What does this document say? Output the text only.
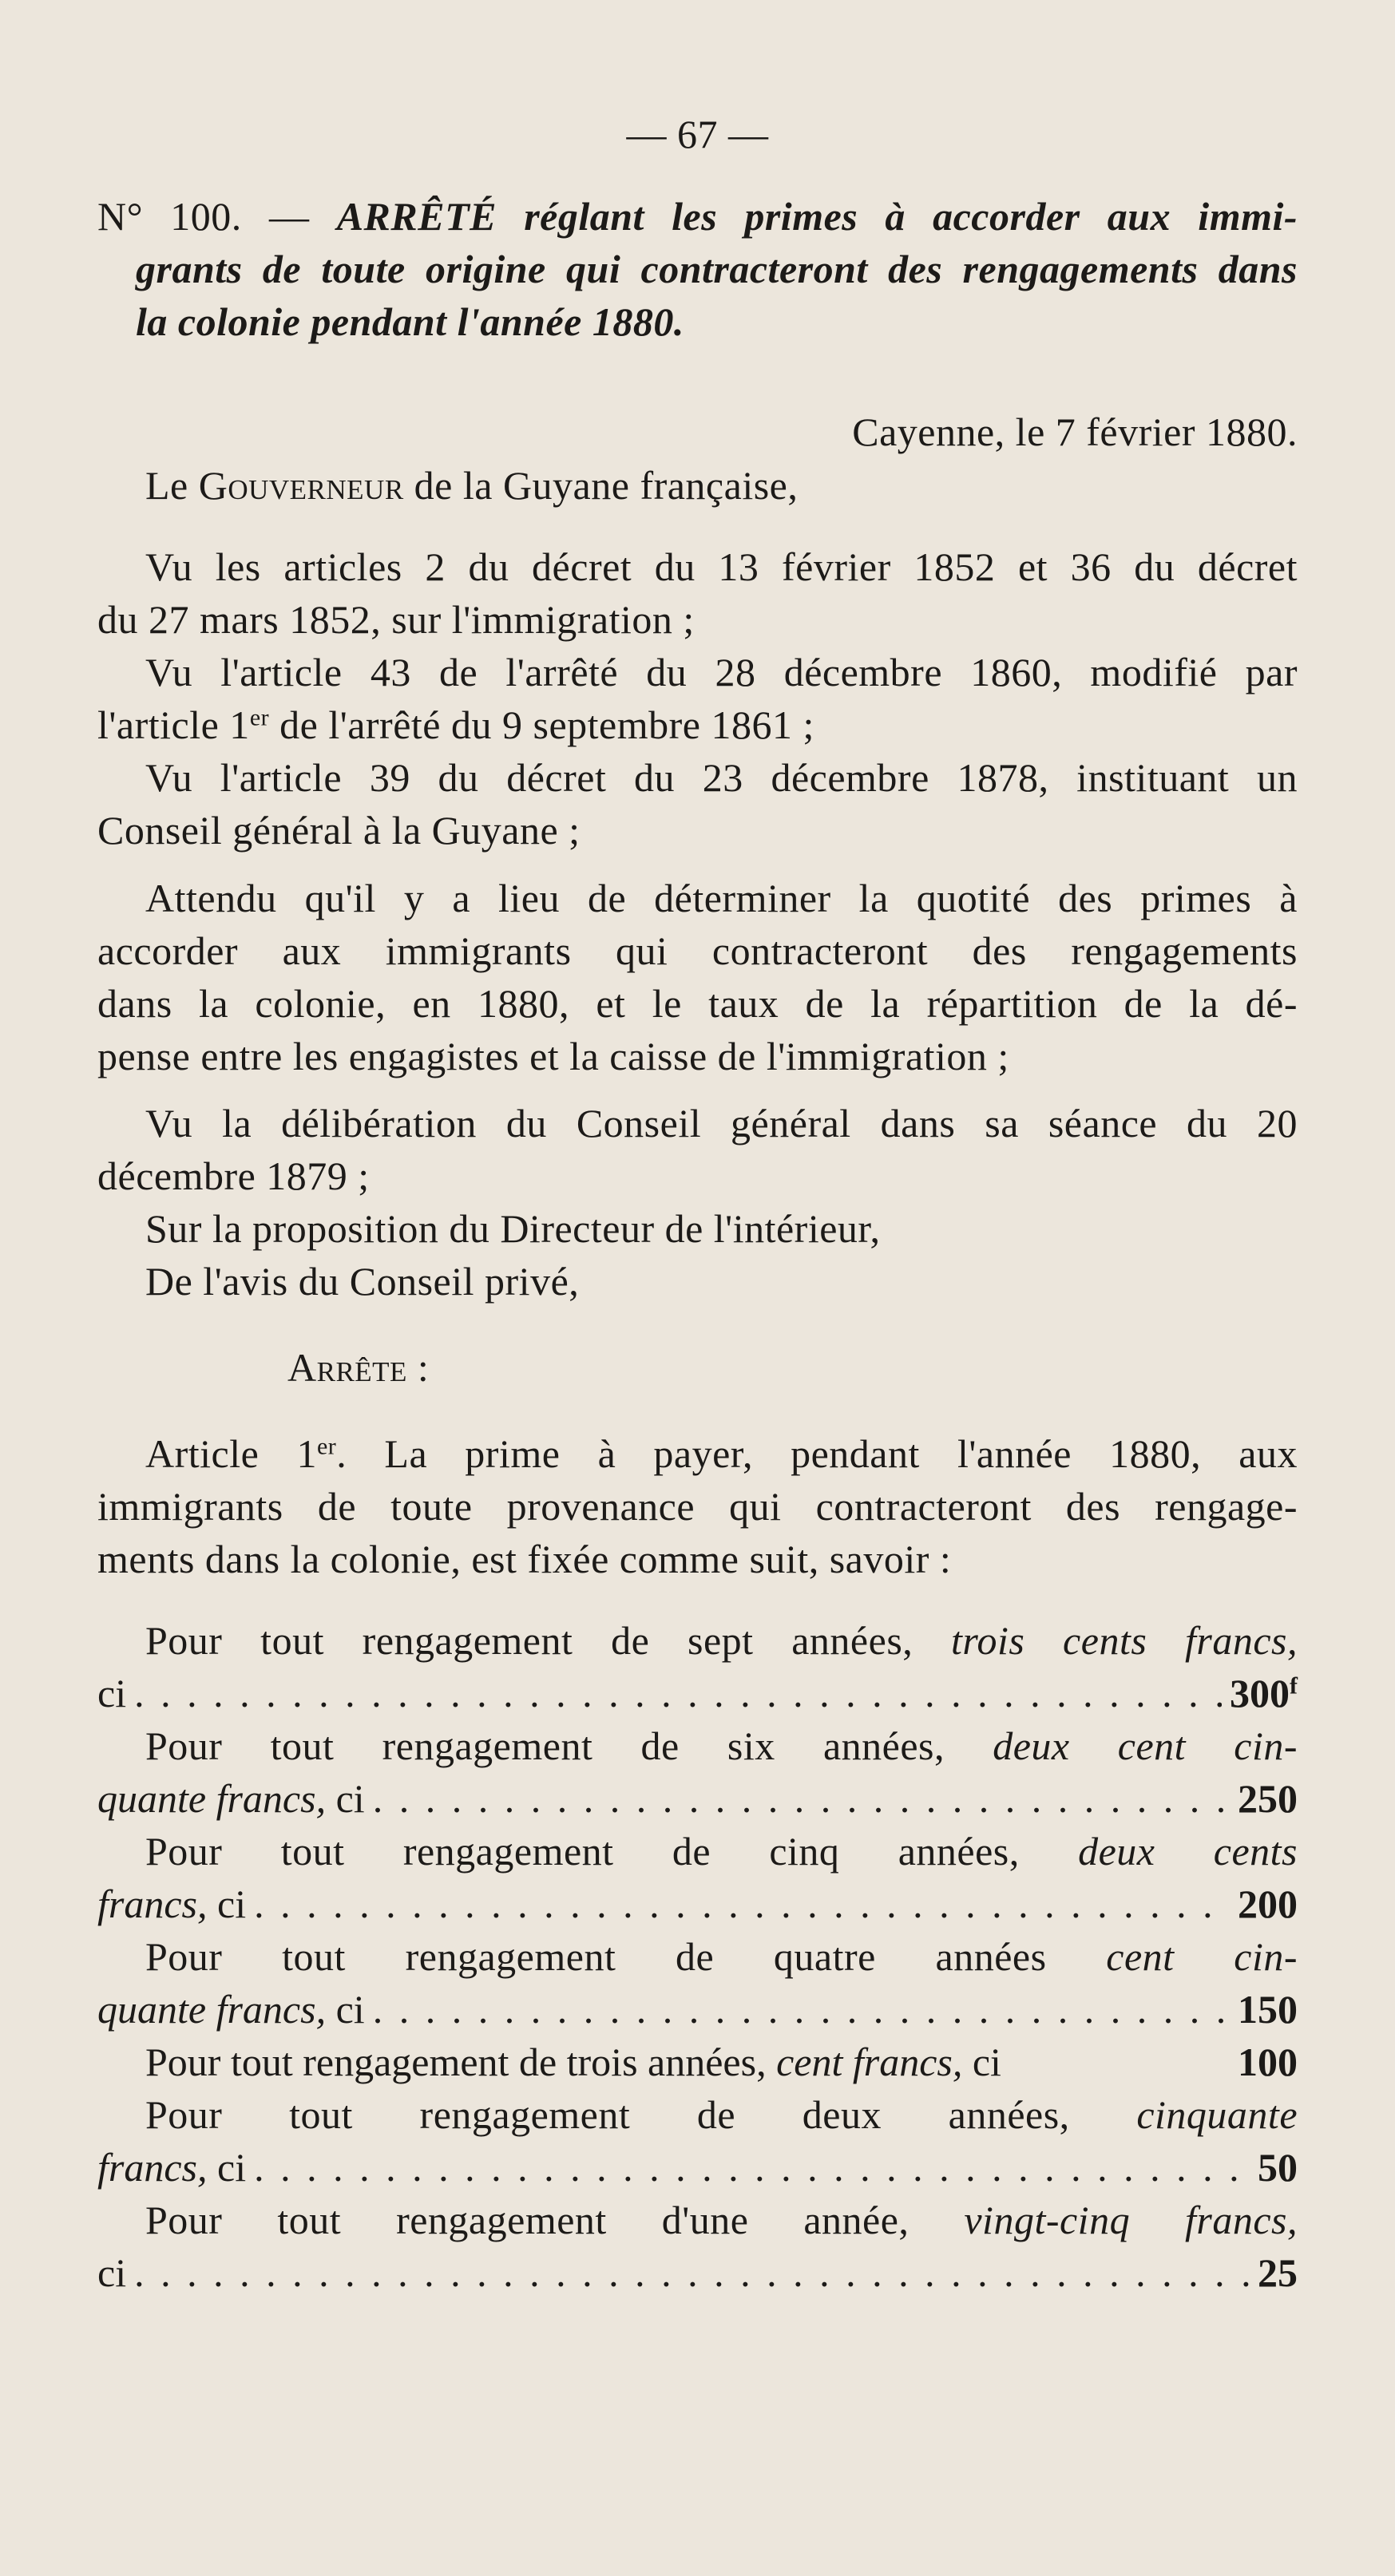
— 67 —
N° 100. — ARRÊTÉ réglant les primes à accorder aux immi-
grants de toute origine qui contracteront des rengagements dans
la colonie pendant l'année 1880.
Cayenne, le 7 février 1880.
Le Gouverneur de la Guyane française,
Vu les articles 2 du décret du 13 février 1852 et 36 du décret
du 27 mars 1852, sur l'immigration ;
Vu l'article 43 de l'arrêté du 28 décembre 1860, modifié par
l'article 1er de l'arrêté du 9 septembre 1861 ;
Vu l'article 39 du décret du 23 décembre 1878, instituant un
Conseil général à la Guyane ;
Attendu qu'il y a lieu de déterminer la quotité des primes à
accorder aux immigrants qui contracteront des rengagements
dans la colonie, en 1880, et le taux de la répartition de la dé-
pense entre les engagistes et la caisse de l'immigration ;
Vu la délibération du Conseil général dans sa séance du 20
décembre 1879 ;
Sur la proposition du Directeur de l'intérieur,
De l'avis du Conseil privé,
Arrête :
Article 1er. La prime à payer, pendant l'année 1880, aux
immigrants de toute provenance qui contracteront des rengage-
ments dans la colonie, est fixée comme suit, savoir :
Pour tout rengagement de sept années, trois cents francs,
ci . . .	300$^f$
Pour tout rengagement de six années, deux cent cin-
quante francs, ci . . .	250
Pour tout rengagement de cinq années, deux cents
francs, ci . . .	200
Pour tout rengagement de quatre années cent cin-
quante francs, ci . . .	150
Pour tout rengagement de trois années, cent francs, ci	100
Pour tout rengagement de deux années, cinquante
francs, ci . . .	50
Pour tout rengagement d'une année, vingt-cinq francs,
ci . . .	25
